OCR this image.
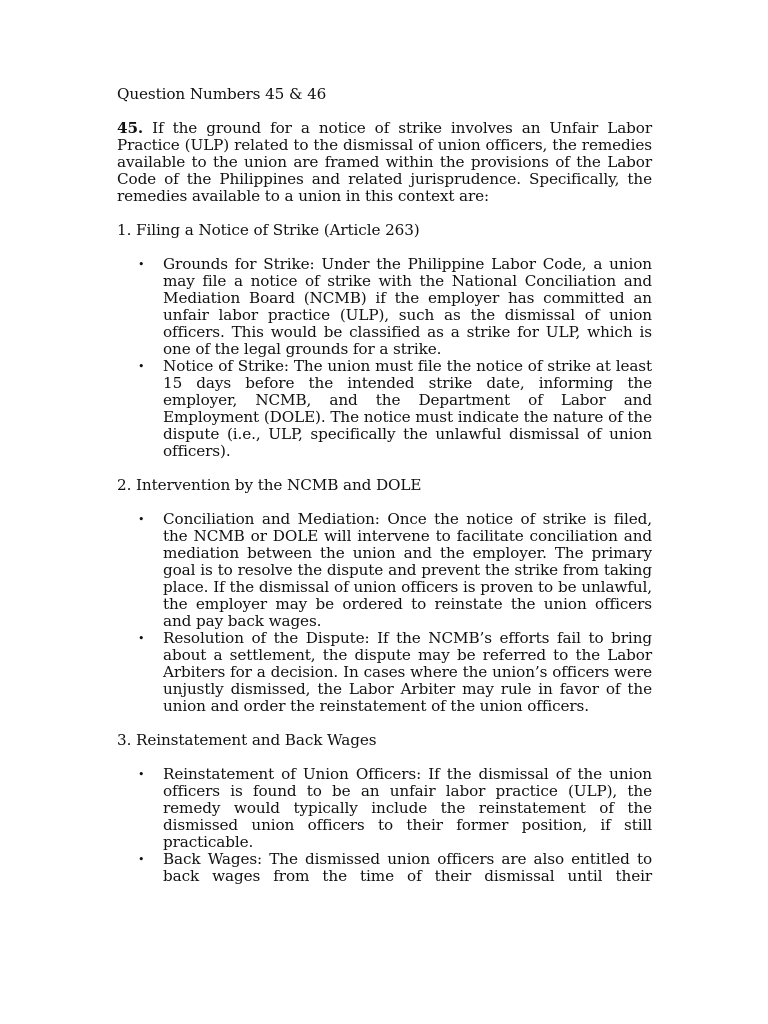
Question Numbers 45 & 46

45. If the ground for a notice of strike involves an Unfair Labor Practice (ULP) related to the dismissal of union officers, the remedies available to the union are framed within the provisions of the Labor Code of the Philippines and related jurisprudence. Specifically, the remedies available to a union in this context are:

1. Filing a Notice of Strike (Article 263)

• Grounds for Strike: Under the Philippine Labor Code, a union may file a notice of strike with the National Conciliation and Mediation Board (NCMB) if the employer has committed an unfair labor practice (ULP), such as the dismissal of union officers. This would be classified as a strike for ULP, which is one of the legal grounds for a strike.
• Notice of Strike: The union must file the notice of strike at least 15 days before the intended strike date, informing the employer, NCMB, and the Department of Labor and Employment (DOLE). The notice must indicate the nature of the dispute (i.e., ULP, specifically the unlawful dismissal of union officers).

2. Intervention by the NCMB and DOLE

• Conciliation and Mediation: Once the notice of strike is filed, the NCMB or DOLE will intervene to facilitate conciliation and mediation between the union and the employer. The primary goal is to resolve the dispute and prevent the strike from taking place. If the dismissal of union officers is proven to be unlawful, the employer may be ordered to reinstate the union officers and pay back wages.
• Resolution of the Dispute: If the NCMB’s efforts fail to bring about a settlement, the dispute may be referred to the Labor Arbiters for a decision. In cases where the union’s officers were unjustly dismissed, the Labor Arbiter may rule in favor of the union and order the reinstatement of the union officers.

3. Reinstatement and Back Wages

• Reinstatement of Union Officers: If the dismissal of the union officers is found to be an unfair labor practice (ULP), the remedy would typically include the reinstatement of the dismissed union officers to their former position, if still practicable.
• Back Wages: The dismissed union officers are also entitled to back wages from the time of their dismissal until their
